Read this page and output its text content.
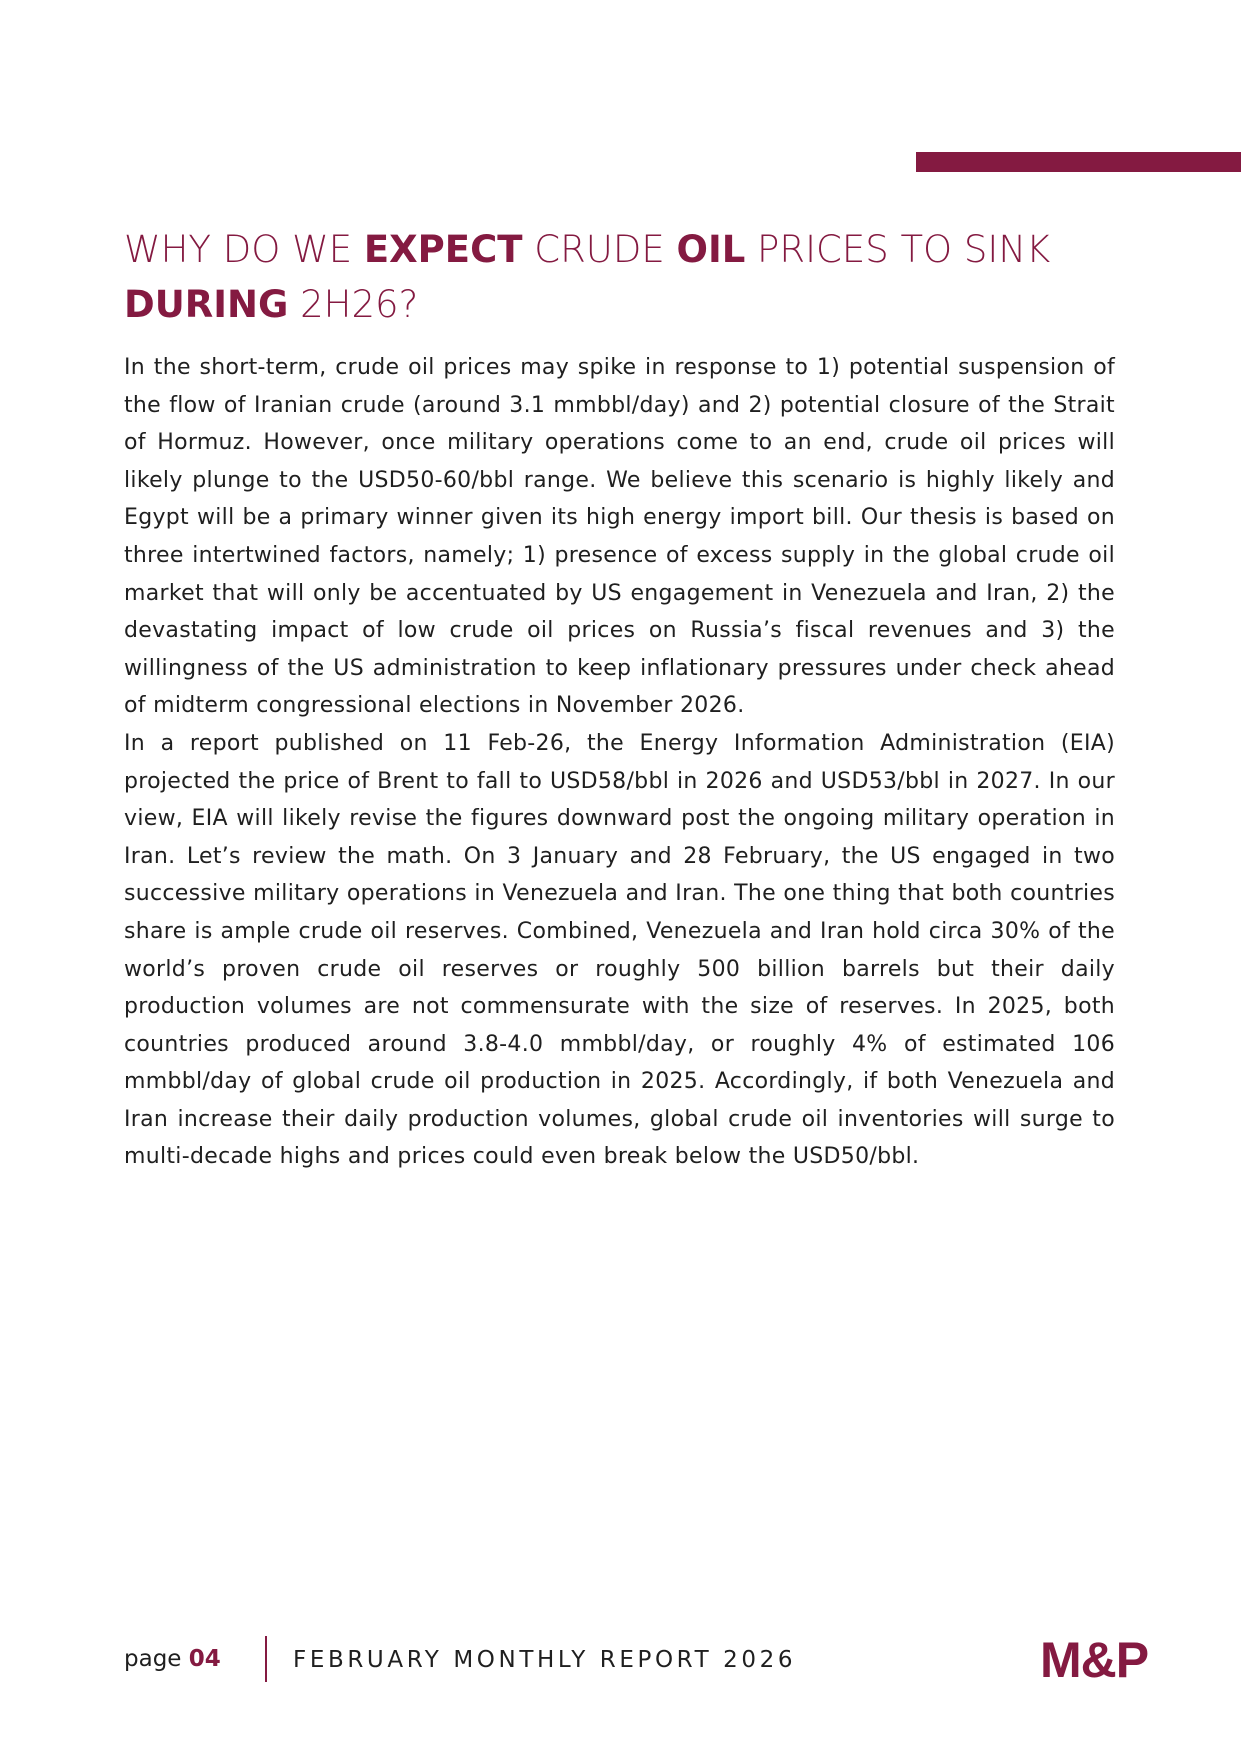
WHY DO WE EXPECT CRUDE OIL PRICES TO SINK
DURING 2H26?

In the short-term, crude oil prices may spike in response to 1) potential suspension of the flow of Iranian crude (around 3.1 mmbbl/day) and 2) potential closure of the Strait of Hormuz. However, once military operations come to an end, crude oil prices will likely plunge to the USD50-60/bbl range. We believe this scenario is highly likely and Egypt will be a primary winner given its high energy import bill. Our thesis is based on three intertwined factors, namely; 1) presence of excess supply in the global crude oil market that will only be accentuated by US engagement in Venezuela and Iran, 2) the devastating impact of low crude oil prices on Russia’s fiscal revenues and 3) the willingness of the US administration to keep inflationary pressures under check ahead of midterm congressional elections in November 2026.

In a report published on 11 Feb-26, the Energy Information Administration (EIA) projected the price of Brent to fall to USD58/bbl in 2026 and USD53/bbl in 2027. In our view, EIA will likely revise the figures downward post the ongoing military operation in Iran. Let’s review the math. On 3 January and 28 February, the US engaged in two successive military operations in Venezuela and Iran. The one thing that both countries share is ample crude oil reserves. Combined, Venezuela and Iran hold circa 30% of the world’s proven crude oil reserves or roughly 500 billion barrels but their daily production volumes are not commensurate with the size of reserves. In 2025, both countries produced around 3.8-4.0 mmbbl/day, or roughly 4% of estimated 106 mmbbl/day of global crude oil production in 2025. Accordingly, if both Venezuela and Iran increase their daily production volumes, global crude oil inventories will surge to multi-decade highs and prices could even break below the USD50/bbl.

page 04	FEBRUARY MONTHLY REPORT 2026	M&P
